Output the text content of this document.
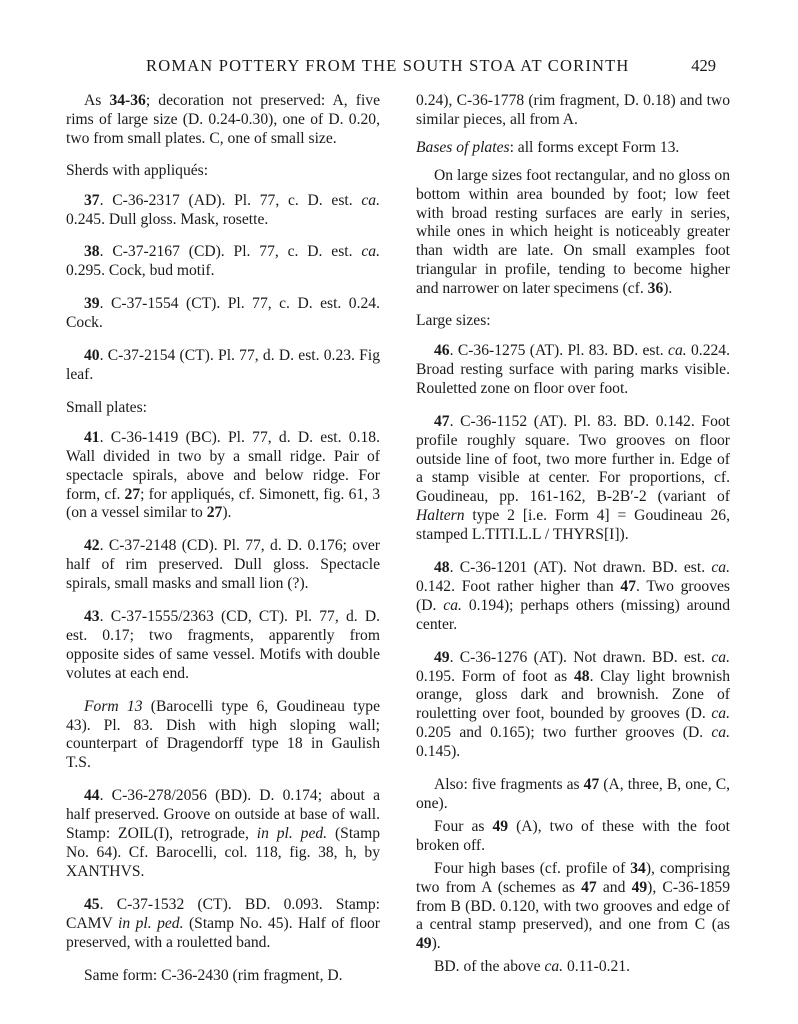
ROMAN POTTERY FROM THE SOUTH STOA AT CORINTH	429

As 34-36; decoration not preserved: A, five rims of large size (D. 0.24-0.30), one of D. 0.20, two from small plates. C, one of small size.

Sherds with appliqués:

37. C-36-2317 (AD). Pl. 77, c. D. est. ca. 0.245. Dull gloss. Mask, rosette.

38. C-37-2167 (CD). Pl. 77, c. D. est. ca. 0.295. Cock, bud motif.

39. C-37-1554 (CT). Pl. 77, c. D. est. 0.24. Cock.

40. C-37-2154 (CT). Pl. 77, d. D. est. 0.23. Fig leaf.

Small plates:

41. C-36-1419 (BC). Pl. 77, d. D. est. 0.18. Wall divided in two by a small ridge. Pair of spectacle spirals, above and below ridge. For form, cf. 27; for appliqués, cf. Simonett, fig. 61, 3 (on a vessel similar to 27).

42. C-37-2148 (CD). Pl. 77, d. D. 0.176; over half of rim preserved. Dull gloss. Spectacle spirals, small masks and small lion (?).

43. C-37-1555/2363 (CD, CT). Pl. 77, d. D. est. 0.17; two fragments, apparently from opposite sides of same vessel. Motifs with double volutes at each end.

Form 13 (Barocelli type 6, Goudineau type 43). Pl. 83. Dish with high sloping wall; counterpart of Dragendorff type 18 in Gaulish T.S.

44. C-36-278/2056 (BD). D. 0.174; about a half preserved. Groove on outside at base of wall. Stamp: ZOIL(I), retrograde, in pl. ped. (Stamp No. 64). Cf. Barocelli, col. 118, fig. 38, h, by XANTHVS.

45. C-37-1532 (CT). BD. 0.093. Stamp: CAMV in pl. ped. (Stamp No. 45). Half of floor preserved, with a rouletted band.

Same form: C-36-2430 (rim fragment, D.

0.24), C-36-1778 (rim fragment, D. 0.18) and two similar pieces, all from A.

Bases of plates: all forms except Form 13.

On large sizes foot rectangular, and no gloss on bottom within area bounded by foot; low feet with broad resting surfaces are early in series, while ones in which height is noticeably greater than width are late. On small examples foot triangular in profile, tending to become higher and narrower on later specimens (cf. 36).

Large sizes:

46. C-36-1275 (AT). Pl. 83. BD. est. ca. 0.224. Broad resting surface with paring marks visible. Rouletted zone on floor over foot.

47. C-36-1152 (AT). Pl. 83. BD. 0.142. Foot profile roughly square. Two grooves on floor outside line of foot, two more further in. Edge of a stamp visible at center. For proportions, cf. Goudineau, pp. 161-162, B-2B′-2 (variant of Haltern type 2 [i.e. Form 4] = Goudineau 26, stamped L.TITI.L.L / THYRS[I]).

48. C-36-1201 (AT). Not drawn. BD. est. ca. 0.142. Foot rather higher than 47. Two grooves (D. ca. 0.194); perhaps others (missing) around center.

49. C-36-1276 (AT). Not drawn. BD. est. ca. 0.195. Form of foot as 48. Clay light brownish orange, gloss dark and brownish. Zone of rouletting over foot, bounded by grooves (D. ca. 0.205 and 0.165); two further grooves (D. ca. 0.145).

Also: five fragments as 47 (A, three, B, one, C, one).

Four as 49 (A), two of these with the foot broken off.

Four high bases (cf. profile of 34), comprising two from A (schemes as 47 and 49), C-36-1859 from B (BD. 0.120, with two grooves and edge of a central stamp preserved), and one from C (as 49).

BD. of the above ca. 0.11-0.21.
